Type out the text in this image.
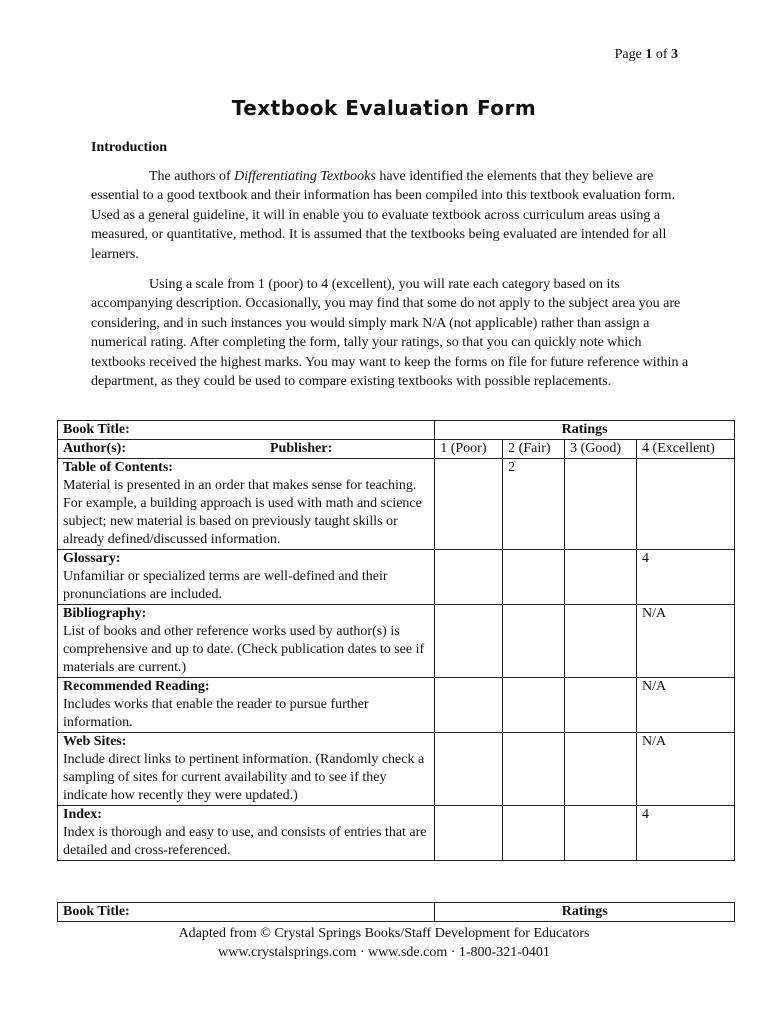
Page 1 of 3
Textbook Evaluation Form
Introduction

The authors of Differentiating Textbooks have identified the elements that they believe are essential to a good textbook and their information has been compiled into this textbook evaluation form. Used as a general guideline, it will in enable you to evaluate textbook across curriculum areas using a measured, or quantitative, method. It is assumed that the textbooks being evaluated are intended for all learners.

Using a scale from 1 (poor) to 4 (excellent), you will rate each category based on its accompanying description. Occasionally, you may find that some do not apply to the subject area you are considering, and in such instances you would simply mark N/A (not applicable) rather than assign a numerical rating. After completing the form, tally your ratings, so that you can quickly note which textbooks received the highest marks. You may want to keep the forms on file for future reference within a department, as they could be used to compare existing textbooks with possible replacements.

Book Title:	Ratings			
Author(s): Publisher:	1 (Poor)	2 (Fair)	3 (Good)	4 (Excellent)

Table of Contents:
Material is presented in an order that makes sense for teaching. For example, a building approach is used with math and science subject; new material is based on previously taught skills or already defined/discussed information.		2		

Glossary:
Unfamiliar or specialized terms are well-defined and their pronunciations are included.				4

Bibliography:
List of books and other reference works used by author(s) is comprehensive and up to date. (Check publication dates to see if materials are current.)				N/A

Recommended Reading:
Includes works that enable the reader to pursue further information.				N/A

Web Sites:
Include direct links to pertinent information. (Randomly check a sampling of sites for current availability and to see if they indicate how recently they were updated.)				N/A

Index:
Index is thorough and easy to use, and consists of entries that are detailed and cross-referenced.				4
Book Title:	Ratings
Adapted from © Crystal Springs Books/Staff Development for Educators
www.crystalsprings.com · www.sde.com · 1-800-321-0401
